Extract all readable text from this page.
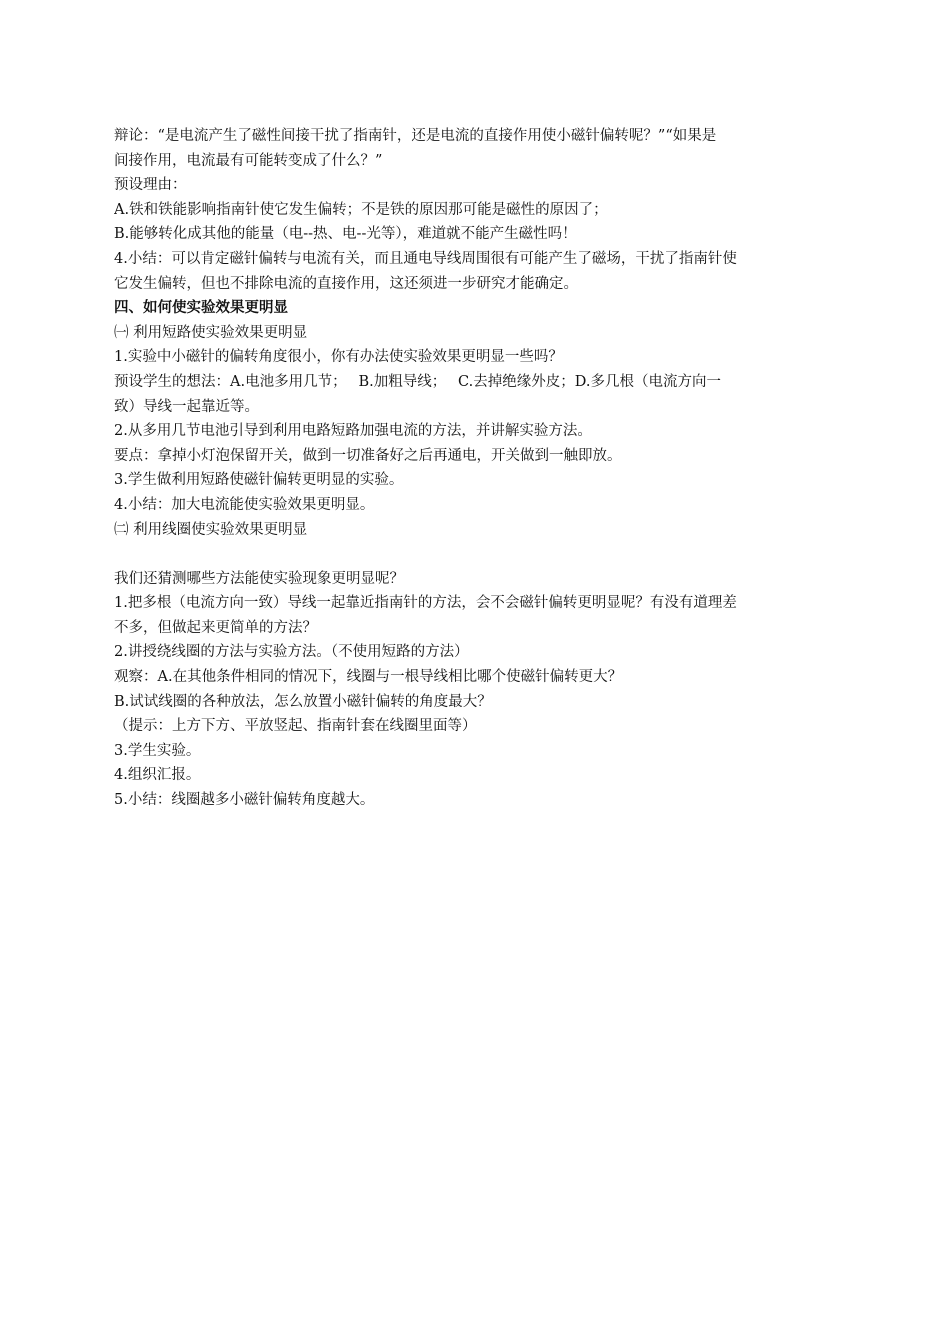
辩论：“是电流产生了磁性间接干扰了指南针，还是电流的直接作用使小磁针偏转呢？”“如果是
间接作用，电流最有可能转变成了什么？”
预设理由：
A.铁和铁能影响指南针使它发生偏转；不是铁的原因那可能是磁性的原因了；
B.能够转化成其他的能量（电--热、电--光等），难道就不能产生磁性吗！
4.小结：可以肯定磁针偏转与电流有关，而且通电导线周围很有可能产生了磁场，干扰了指南针使
它发生偏转，但也不排除电流的直接作用，这还须进一步研究才能确定。
四、如何使实验效果更明显
㈠ 利用短路使实验效果更明显
1.实验中小磁针的偏转角度很小，你有办法使实验效果更明显一些吗？
预设学生的想法：A.电池多用几节；　 B.加粗导线；　 C.去掉绝缘外皮；D.多几根（电流方向一
致）导线一起靠近等。
2.从多用几节电池引导到利用电路短路加强电流的方法，并讲解实验方法。
要点：拿掉小灯泡保留开关，做到一切准备好之后再通电，开关做到一触即放。
3.学生做利用短路使磁针偏转更明显的实验。
4.小结：加大电流能使实验效果更明显。
㈡ 利用线圈使实验效果更明显
我们还猜测哪些方法能使实验现象更明显呢？
1.把多根（电流方向一致）导线一起靠近指南针的方法，会不会磁针偏转更明显呢？有没有道理差
不多，但做起来更简单的方法？
2.讲授绕线圈的方法与实验方法。（不使用短路的方法）
观察：A.在其他条件相同的情况下，线圈与一根导线相比哪个使磁针偏转更大？
B.试试线圈的各种放法，怎么放置小磁针偏转的角度最大？
（提示：上方下方、平放竖起、指南针套在线圈里面等）
3.学生实验。
4.组织汇报。
5.小结：线圈越多小磁针偏转角度越大。
